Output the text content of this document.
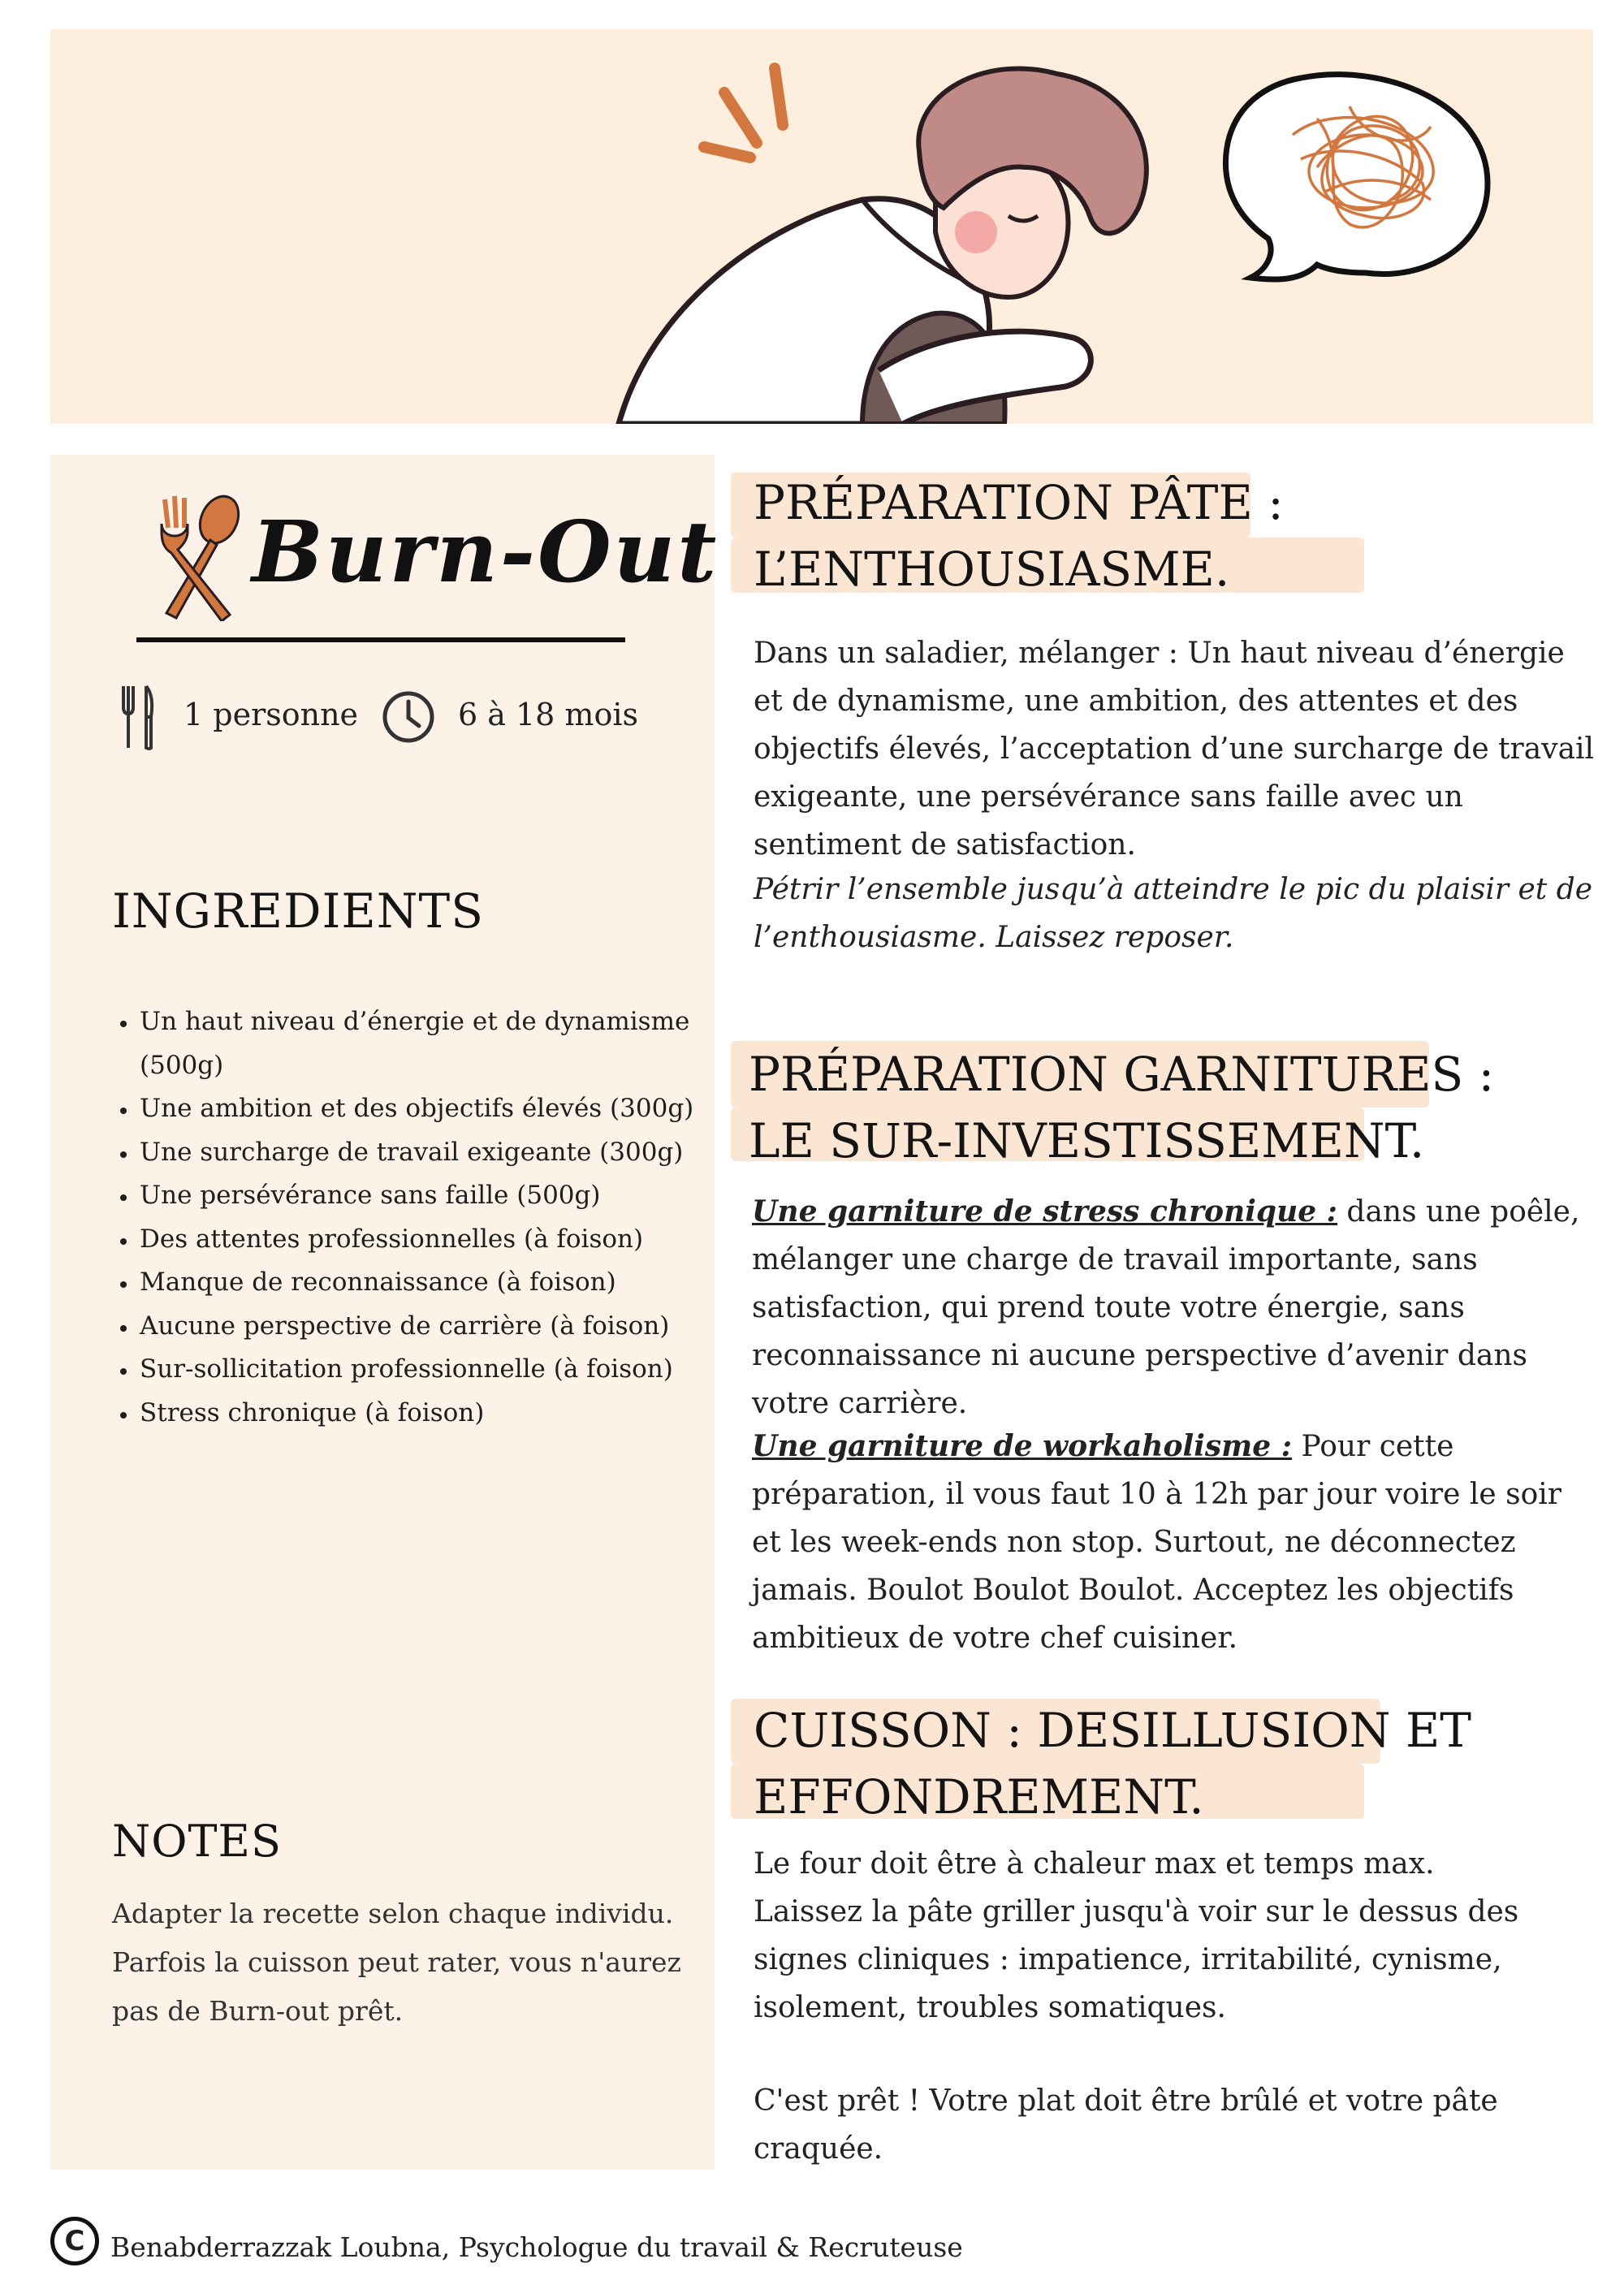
Burn-Out
1 personne	6 à 18 mois
INGREDIENTS
• Un haut niveau d’énergie et de dynamisme (500g)
• Une ambition et des objectifs élevés (300g)
• Une surcharge de travail exigeante (300g)
• Une persévérance sans faille (500g)
• Des attentes professionnelles (à foison)
• Manque de reconnaissance (à foison)
• Aucune perspective de carrière (à foison)
• Sur-sollicitation professionnelle (à foison)
• Stress chronique (à foison)
NOTES

Adapter la recette selon chaque individu.

Parfois la cuisson peut rater, vous n'aurez

pas de Burn-out prêt.

PRÉPARATION PÂTE :

L’ENTHOUSIASME.

Dans un saladier, mélanger : Un haut niveau d’énergie et de dynamisme, une ambition, des attentes et des objectifs élevés, l’acceptation d’une surcharge de travail exigeante, une persévérance sans faille avec un sentiment de satisfaction.

Pétrir l’ensemble jusqu’à atteindre le pic du plaisir et de l’enthousiasme. Laissez reposer.

PRÉPARATION GARNITURES :

LE SUR-INVESTISSEMENT.

Une garniture de stress chronique : dans une poêle, mélanger une charge de travail importante, sans satisfaction, qui prend toute votre énergie, sans reconnaissance ni aucune perspective d’avenir dans votre carrière.

Une garniture de workaholisme : Pour cette préparation, il vous faut 10 à 12h par jour voire le soir et les week-ends non stop. Surtout, ne déconnectez jamais. Boulot Boulot Boulot. Acceptez les objectifs ambitieux de votre chef cuisiner.

CUISSON : DESILLUSION ET

EFFONDREMENT.

Le four doit être à chaleur max et temps max.

Laissez la pâte griller jusqu'à voir sur le dessus des signes cliniques : impatience, irritabilité, cynisme, isolement, troubles somatiques.

C'est prêt ! Votre plat doit être brûlé et votre pâte craquée.

C Benabderrazzak Loubna, Psychologue du travail & Recruteuse
